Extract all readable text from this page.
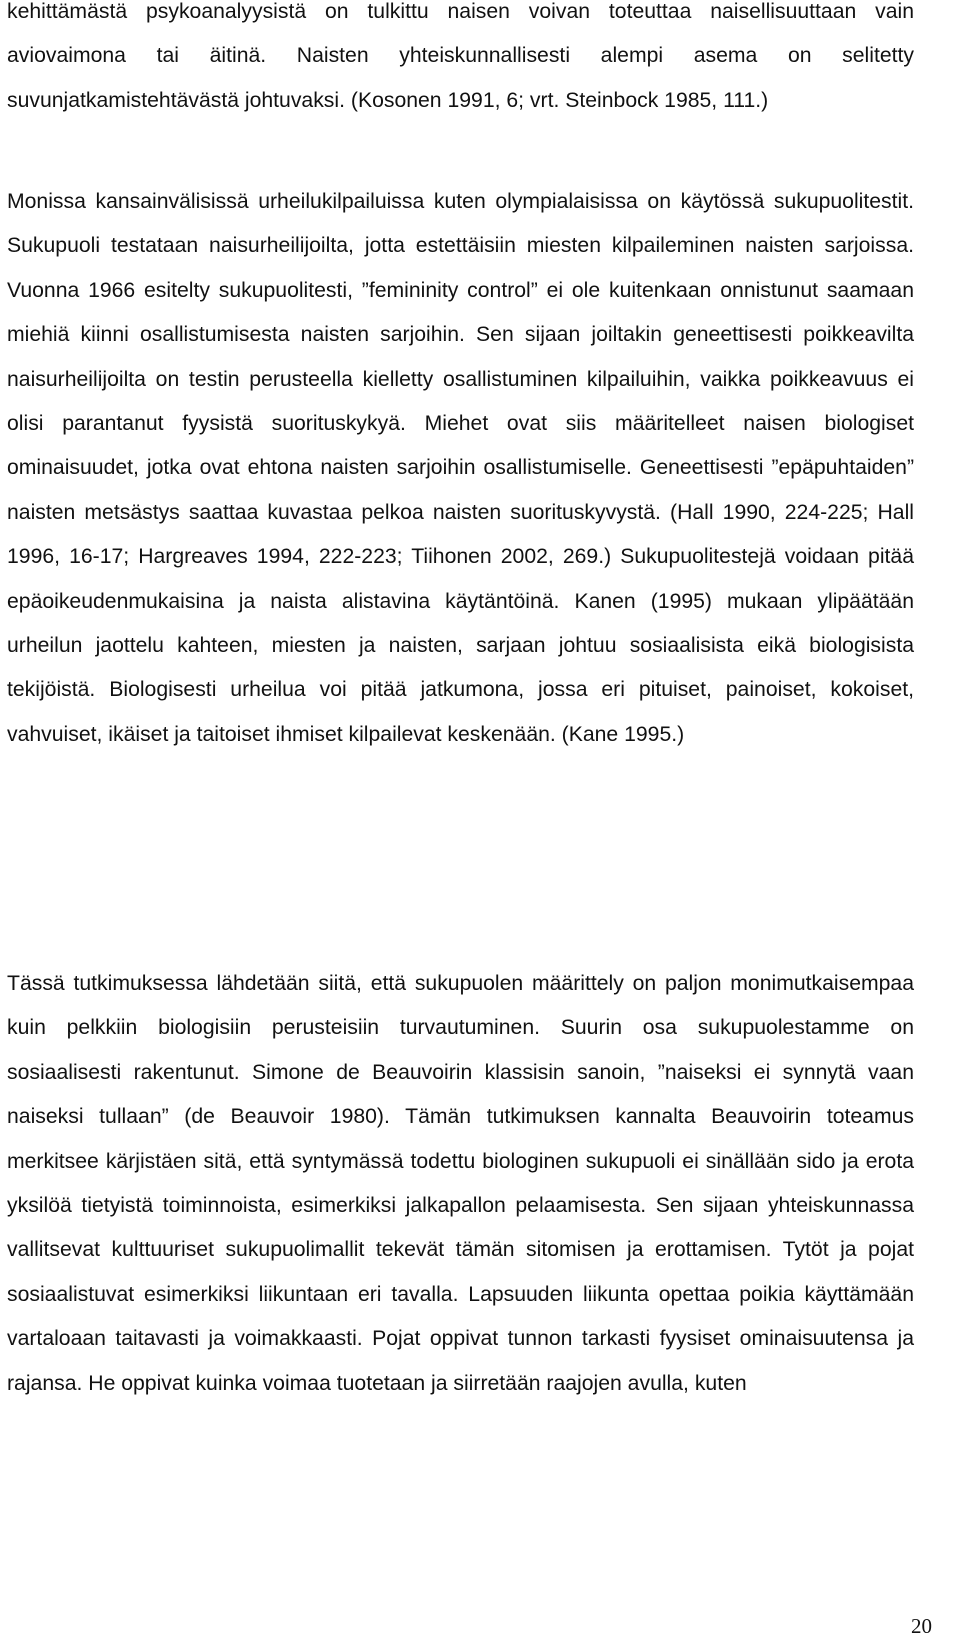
kehittämästä psykoanalyysistä on tulkittu naisen voivan toteuttaa naisellisuuttaan vain aviovaimona tai äitinä. Naisten yhteiskunnallisesti alempi asema on selitetty suvunjatkamistehtävästä johtuvaksi. (Kosonen 1991, 6; vrt. Steinbock 1985, 111.)

Monissa kansainvälisissä urheilukilpailuissa kuten olympialaisissa on käytössä sukupuolitestit. Sukupuoli testataan naisurheilijoilta, jotta estettäisiin miesten kilpaileminen naisten sarjoissa. Vuonna 1966 esitelty sukupuolitesti, ”femininity control” ei ole kuitenkaan onnistunut saamaan miehiä kiinni osallistumisesta naisten sarjoihin. Sen sijaan joiltakin geneettisesti poikkeavilta naisurheilijoilta on testin perusteella kielletty osallistuminen kilpailuihin, vaikka poikkeavuus ei olisi parantanut fyysistä suorituskykyä. Miehet ovat siis määritelleet naisen biologiset ominaisuudet, jotka ovat ehtona naisten sarjoihin osallistumiselle. Geneettisesti ”epäpuhtaiden” naisten metsästys saattaa kuvastaa pelkoa naisten suorituskyvystä. (Hall 1990, 224-225; Hall 1996, 16-17; Hargreaves 1994, 222-223; Tiihonen 2002, 269.) Sukupuolitestejä voidaan pitää epäoikeudenmukaisina ja naista alistavina käytäntöinä. Kanen (1995) mukaan ylipäätään urheilun jaottelu kahteen, miesten ja naisten, sarjaan johtuu sosiaalisista eikä biologisista tekijöistä. Biologisesti urheilua voi pitää jatkumona, jossa eri pituiset, painoiset, kokoiset, vahvuiset, ikäiset ja taitoiset ihmiset kilpailevat keskenään. (Kane 1995.)

Tässä tutkimuksessa lähdetään siitä, että sukupuolen määrittely on paljon monimutkaisempaa kuin pelkkiin biologisiin perusteisiin turvautuminen. Suurin osa sukupuolestamme on sosiaalisesti rakentunut. Simone de Beauvoirin klassisin sanoin, ”naiseksi ei synnytä vaan naiseksi tullaan” (de Beauvoir 1980). Tämän tutkimuksen kannalta Beauvoirin toteamus merkitsee kärjistäen sitä, että syntymässä todettu biologinen sukupuoli ei sinällään sido ja erota yksilöä tietyistä toiminnoista, esimerkiksi jalkapallon pelaamisesta. Sen sijaan yhteiskunnassa vallitsevat kulttuuriset sukupuolimallit tekevät tämän sitomisen ja erottamisen. Tytöt ja pojat sosiaalistuvat esimerkiksi liikuntaan eri tavalla. Lapsuuden liikunta opettaa poikia käyttämään vartaloaan taitavasti ja voimakkaasti. Pojat oppivat tunnon tarkasti fyysiset ominaisuutensa ja rajansa. He oppivat kuinka voimaa tuotetaan ja siirretään raajojen avulla, kuten

20
